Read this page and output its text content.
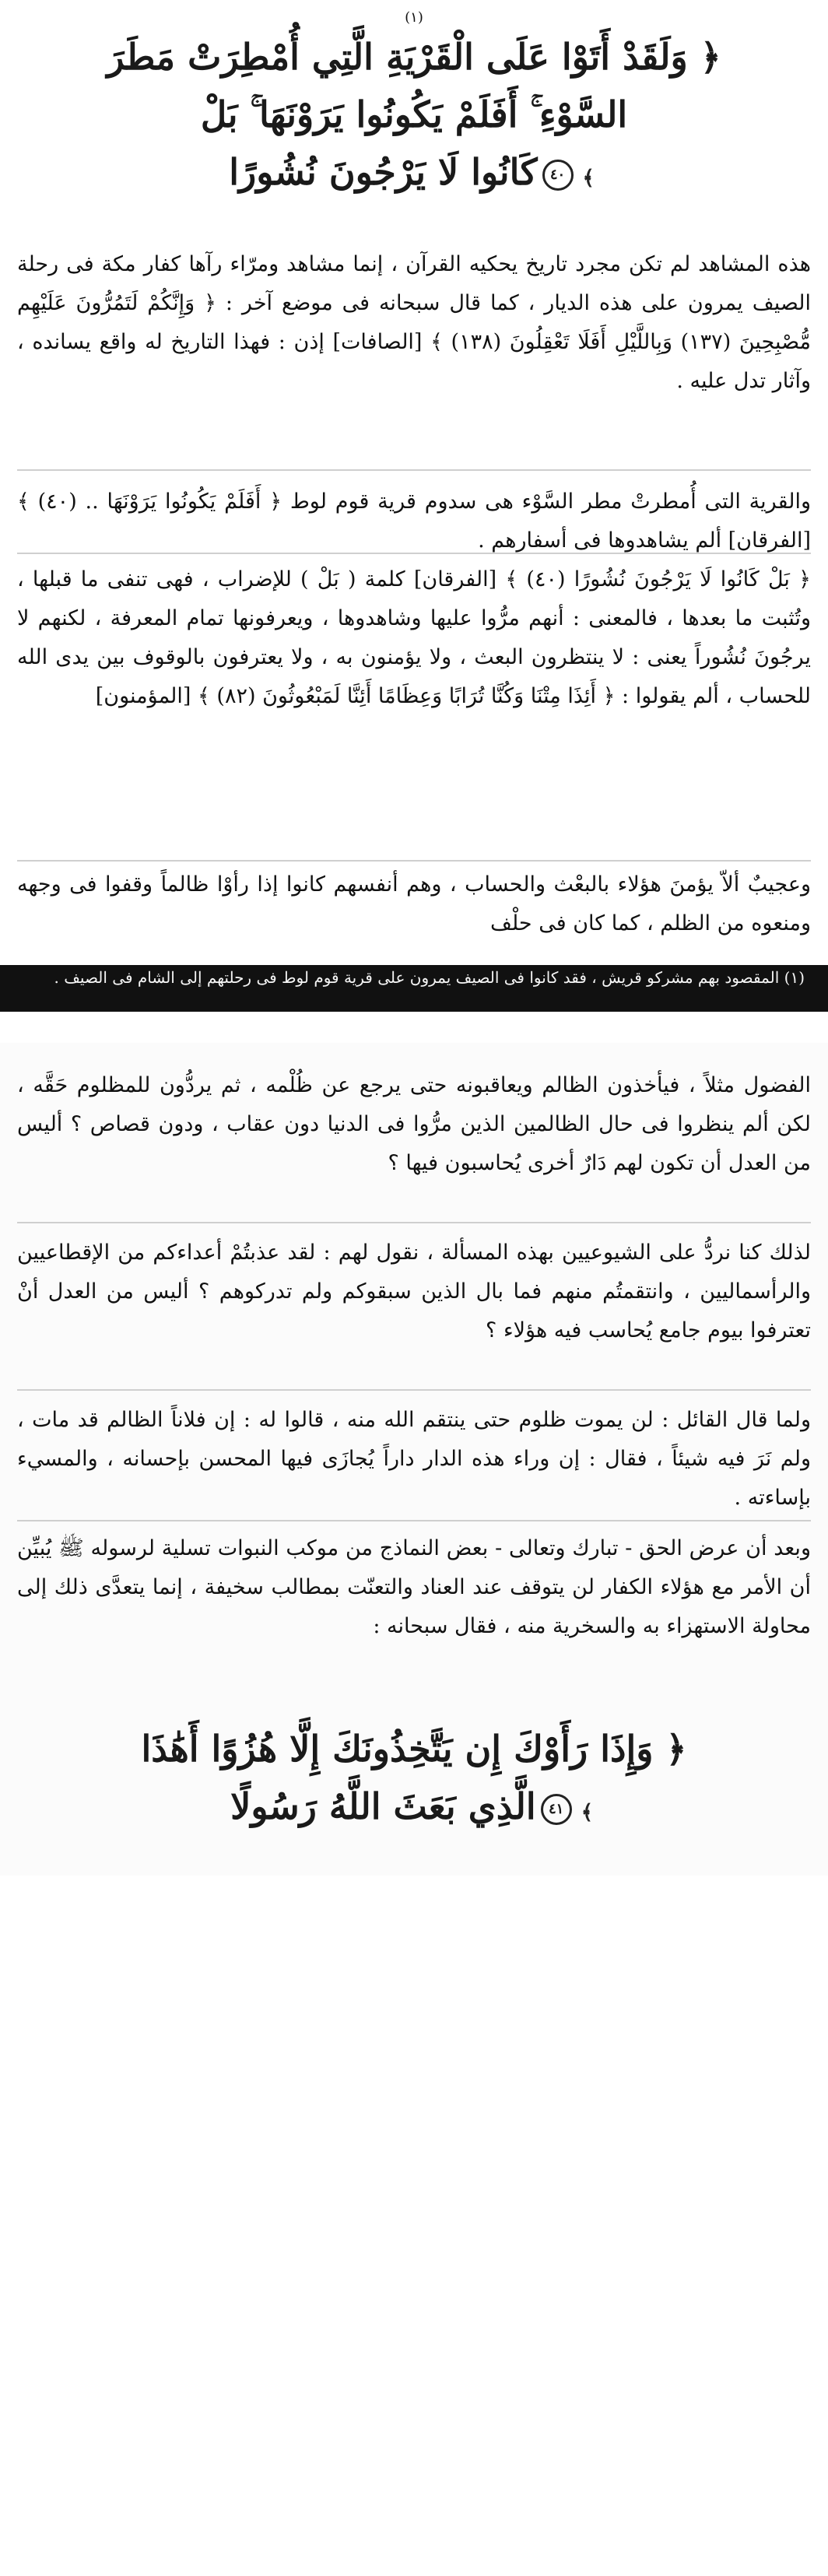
(١)
﴿ وَلَقَدْ أَتَوْا عَلَى الْقَرْيَةِ الَّتِي أُمْطِرَتْ مَطَرَ
السَّوْءِ ۚ أَفَلَمْ يَكُونُوا يَرَوْنَهَا ۚ بَلْ
﴾٤٠كَانُوا لَا يَرْجُونَ نُشُورًا
هذه المشاهد لم تكن مجرد تاريخ يحكيه القرآن ، إنما مشاهد ومرّاء رآها كفار مكة فى رحلة الصيف يمرون على هذه الديار ، كما قال سبحانه فى موضع آخر : ﴿ وَإِنَّكُمْ لَتَمُرُّونَ عَلَيْهِم مُّصْبِحِينَ (١٣٧) وَبِاللَّيْلِ أَفَلَا تَعْقِلُونَ (١٣٨) ﴾ [الصافات] إذن : فهذا التاريخ له واقع يسانده ، وآثار تدل عليه .
والقرية التى أُمطرتْ مطر السَّوْء هى سدوم قرية قوم لوط ﴿ أَفَلَمْ يَكُونُوا يَرَوْنَهَا .. (٤٠) ﴾ [الفرقان] ألم يشاهدوها فى أسفارهم .
﴿ بَلْ كَانُوا لَا يَرْجُونَ نُشُورًا (٤٠) ﴾ [الفرقان] كلمة ( بَلْ ) للإضراب ، فهى تنفى ما قبلها ، وتُثبت ما بعدها ، فالمعنى : أنهم مرُّوا عليها وشاهدوها ، ويعرفونها تمام المعرفة ، لكنهم لا يرجُونَ نُشُوراً يعنى : لا ينتظرون البعث ، ولا يؤمنون به ، ولا يعترفون بالوقوف بين يدى الله للحساب ، ألم يقولوا : ﴿ أَئِذَا مِتْنَا وَكُنَّا تُرَابًا وَعِظَامًا أَئِنَّا لَمَبْعُوثُونَ (٨٢) ﴾ [المؤمنون]
وعجيبٌ ألاّ يؤمنَ هؤلاء بالبعْث والحساب ، وهم أنفسهم كانوا إذا رأوْا ظالماً وقفوا فى وجهه ومنعوه من الظلم ، كما كان فى حلْف
(١) المقصود بهم مشركو قريش ، فقد كانوا فى الصيف يمرون على قرية قوم لوط فى رحلتهم إلى الشام فى الصيف .
الفضول مثلاً ، فيأخذون الظالم ويعاقبونه حتى يرجع عن ظُلْمه ، ثم يردُّون للمظلوم حَقَّه ، لكن ألم ينظروا فى حال الظالمين الذين مرُّوا فى الدنيا دون عقاب ، ودون قصاص ؟ أليس من العدل أن تكون لهم دَارٌ أخرى يُحاسبون فيها ؟
لذلك كنا نردُّ على الشيوعيين بهذه المسألة ، نقول لهم : لقد عذبتُمْ أعداءكم من الإقطاعيين والرأسماليين ، وانتقمتُم منهم فما بال الذين سبقوكم ولم تدركوهم ؟ أليس من العدل أنْ تعترفوا بيوم جامع يُحاسب فيه هؤلاء ؟
ولما قال القائل : لن يموت ظلوم حتى ينتقم الله منه ، قالوا له : إن فلاناً الظالم قد مات ، ولم نَرَ فيه شيئاً ، فقال : إن وراء هذه الدار داراً يُجازَى فيها المحسن بإحسانه ، والمسيء بإساءته .
وبعد أن عرض الحق - تبارك وتعالى - بعض النماذج من موكب النبوات تسلية لرسوله ﷺ يُبيِّن أن الأمر مع هؤلاء الكفار لن يتوقف عند العناد والتعنّت بمطالب سخيفة ، إنما يتعدَّى ذلك إلى محاولة الاستهزاء به والسخرية منه ، فقال سبحانه :
﴿ وَإِذَا رَأَوْكَ إِن يَتَّخِذُونَكَ إِلَّا هُزُوًا أَهَٰذَا
﴾٤١الَّذِي بَعَثَ اللَّهُ رَسُولًا
